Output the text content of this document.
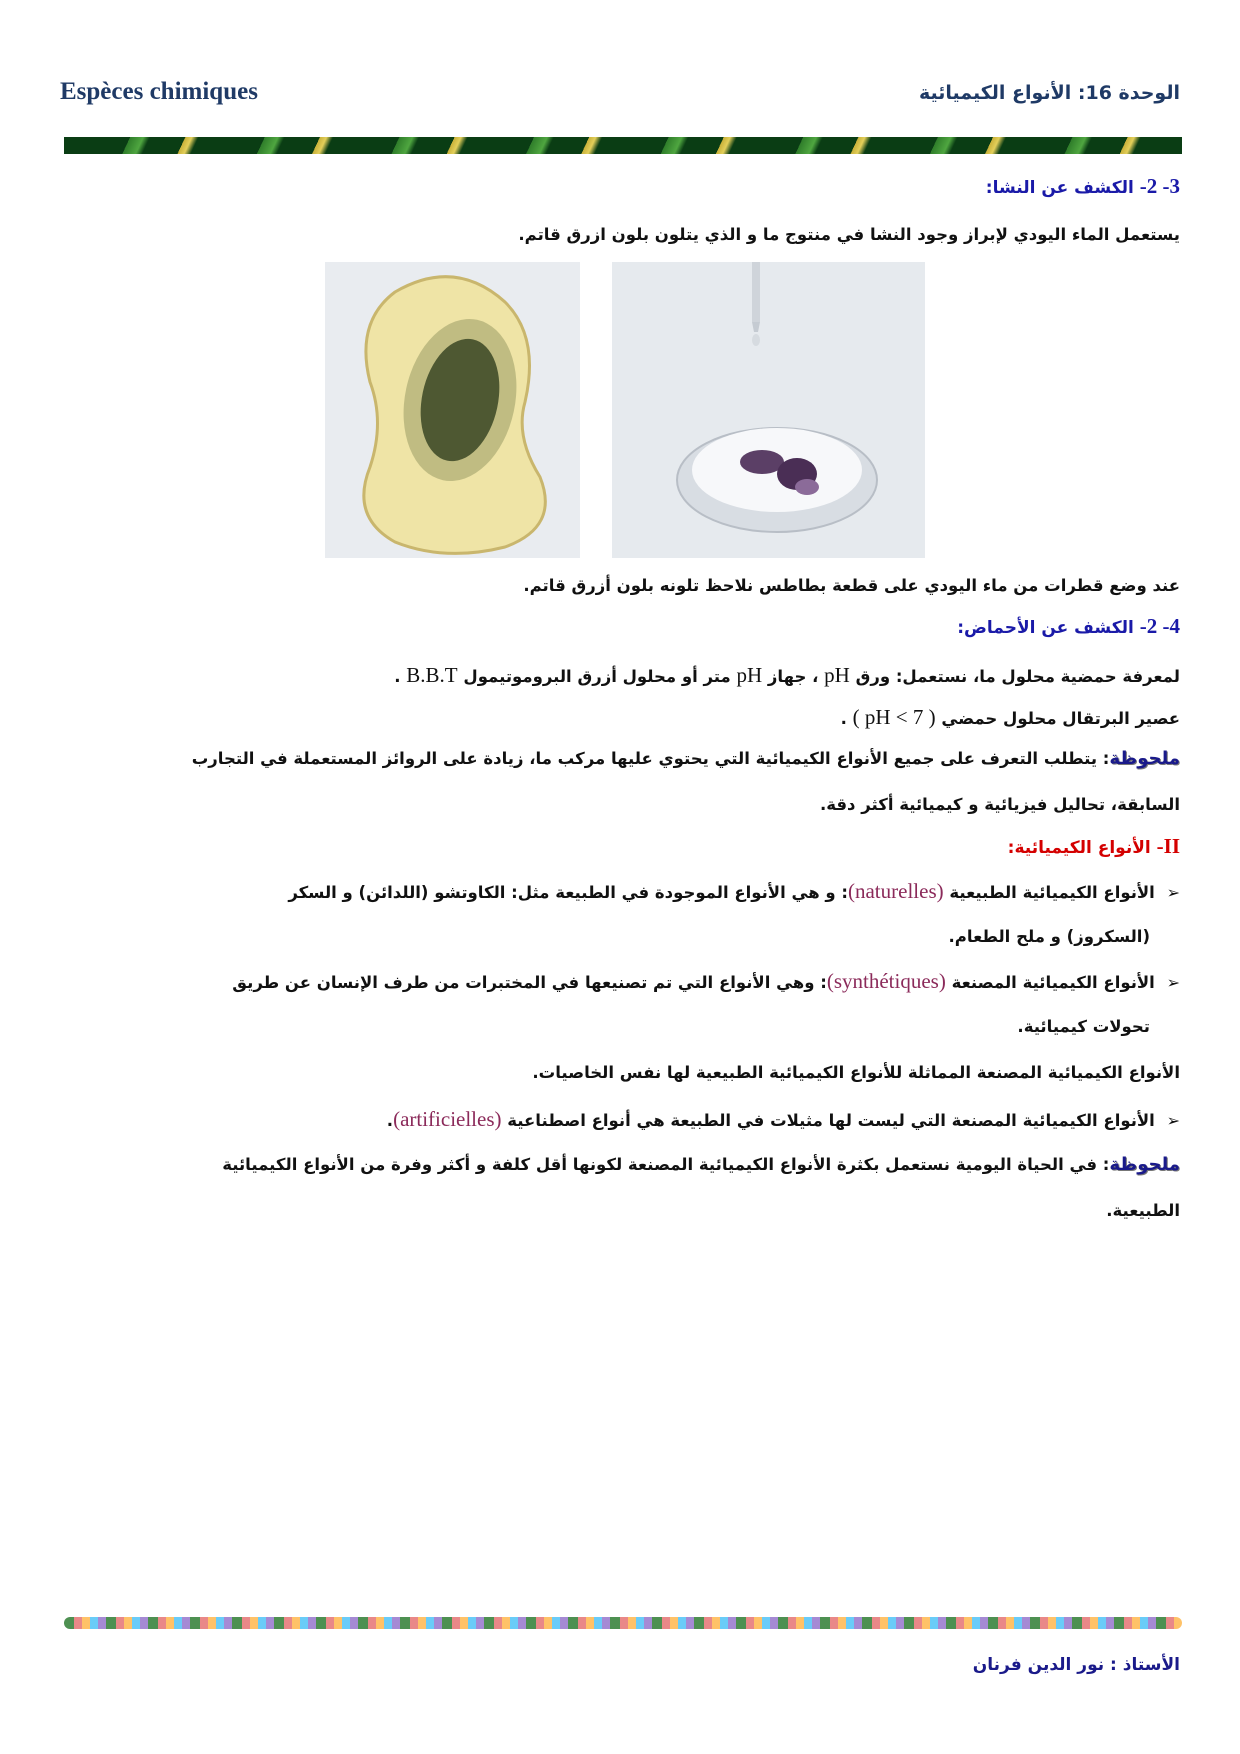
Espèces chimiques	الوحدة 16: الأنواع الكيميائية
3- 2- الكشف عن النشا:
يستعمل الماء اليودي لإبراز وجود النشا في منتوج ما و الذي يتلون بلون ازرق قاتم.
عند وضع قطرات من ماء اليودي على قطعة بطاطس نلاحظ تلونه بلون أزرق قاتم.
4- 2- الكشف عن الأحماض:
لمعرفة حمضية محلول ما، نستعمل: ورق pH ، جهاز pH متر أو محلول أزرق البروموتيمول B.B.T .
عصير البرتقال محلول حمضي ( pH < 7 ) .
ملحوظة: يتطلب التعرف على جميع الأنواع الكيميائية التي يحتوي عليها مركب ما، زيادة على الروائز المستعملة في التجارب
السابقة، تحاليل فيزيائية و كيميائية أكثر دقة.
II- الأنواع الكيميائية:
➢ الأنواع الكيميائية الطبيعية (naturelles): و هي الأنواع الموجودة في الطبيعة مثل: الكاوتشو (اللدائن) و السكر
(السكروز) و ملح الطعام.
➢ الأنواع الكيميائية المصنعة (synthétiques): وهي الأنواع التي تم تصنيعها في المختبرات من طرف الإنسان عن طريق
تحولات كيميائية.
الأنواع الكيميائية المصنعة المماثلة للأنواع الكيميائية الطبيعية لها نفس الخاصيات.
➢ الأنواع الكيميائية المصنعة التي ليست لها مثيلات في الطبيعة هي أنواع اصطناعية (artificielles).
ملحوظة: في الحياة اليومية نستعمل بكثرة الأنواع الكيميائية المصنعة لكونها أقل كلفة و أكثر وفرة من الأنواع الكيميائية
الطبيعية.
الأستاذ : نور الدين فرنان
